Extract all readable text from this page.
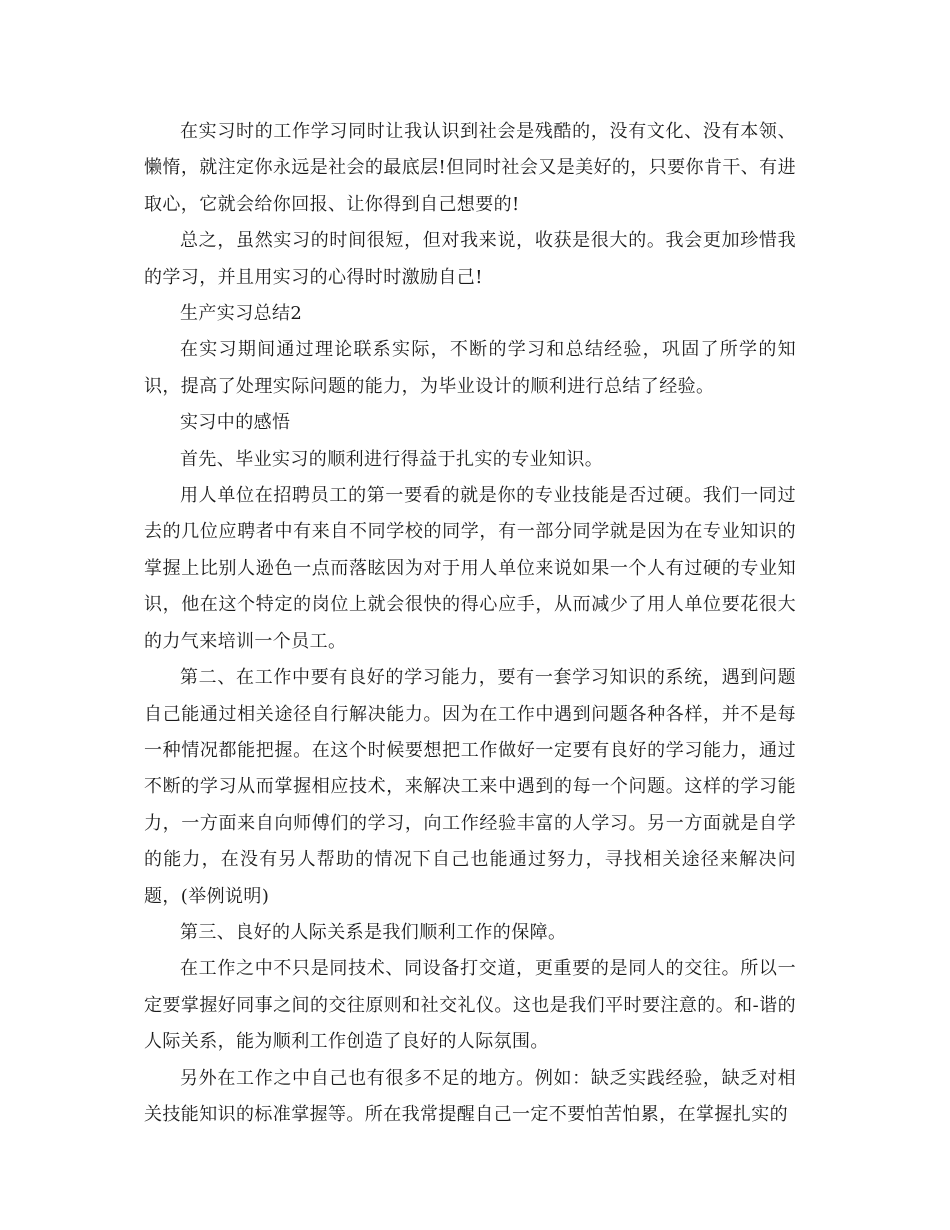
在实习时的工作学习同时让我认识到社会是残酷的，没有文化、没有本领、懒惰，就注定你永远是社会的最底层!但同时社会又是美好的，只要你肯干、有进取心，它就会给你回报、让你得到自己想要的!

总之，虽然实习的时间很短，但对我来说，收获是很大的。我会更加珍惜我的学习，并且用实习的心得时时激励自己!

生产实习总结2

在实习期间通过理论联系实际，不断的学习和总结经验，巩固了所学的知识，提高了处理实际问题的能力，为毕业设计的顺利进行总结了经验。

实习中的感悟

首先、毕业实习的顺利进行得益于扎实的专业知识。

用人单位在招聘员工的第一要看的就是你的专业技能是否过硬。我们一同过去的几位应聘者中有来自不同学校的同学，有一部分同学就是因为在专业知识的掌握上比别人逊色一点而落眩因为对于用人单位来说如果一个人有过硬的专业知识，他在这个特定的岗位上就会很快的得心应手，从而减少了用人单位要花很大的力气来培训一个员工。

第二、在工作中要有良好的学习能力，要有一套学习知识的系统，遇到问题自己能通过相关途径自行解决能力。因为在工作中遇到问题各种各样，并不是每一种情况都能把握。在这个时候要想把工作做好一定要有良好的学习能力，通过不断的学习从而掌握相应技术，来解决工来中遇到的每一个问题。这样的学习能力，一方面来自向师傅们的学习，向工作经验丰富的人学习。另一方面就是自学的能力，在没有另人帮助的情况下自己也能通过努力，寻找相关途径来解决问题，(举例说明)

第三、良好的人际关系是我们顺利工作的保障。

在工作之中不只是同技术、同设备打交道，更重要的是同人的交往。所以一定要掌握好同事之间的交往原则和社交礼仪。这也是我们平时要注意的。和-谐的人际关系，能为顺利工作创造了良好的人际氛围。

另外在工作之中自己也有很多不足的地方。例如：缺乏实践经验，缺乏对相关技能知识的标准掌握等。所在我常提醒自己一定不要怕苦怕累，在掌握扎实的
